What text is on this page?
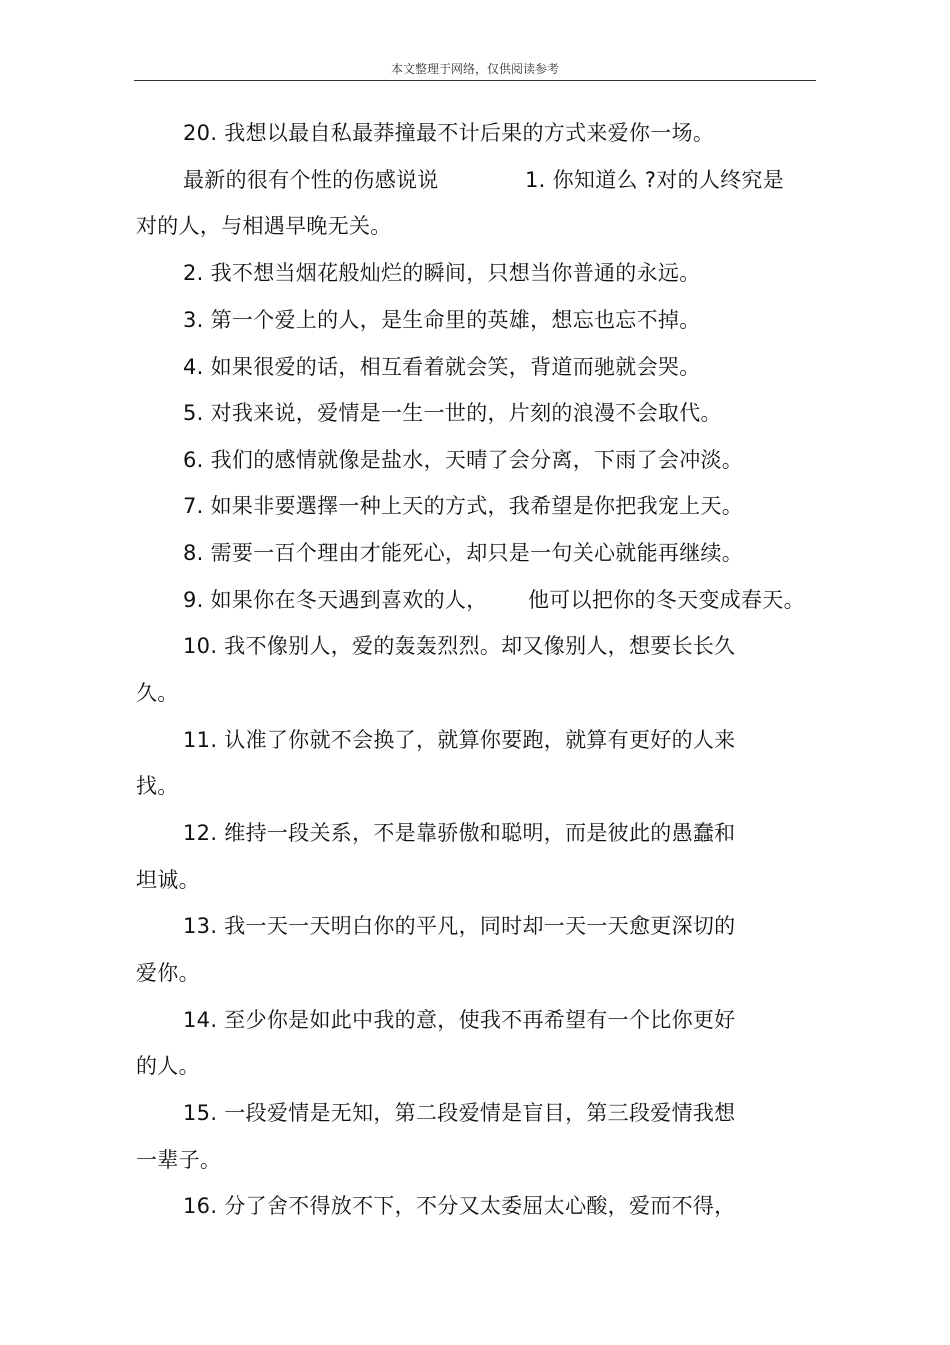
本文整理于网络，仅供阅读参考
20. 我想以最自私最莽撞最不计后果的方式来爱你一场。
最新的很有个性的伤感说说	1. 你知道么 ?对的人终究是
对的人，与相遇早晚无关。
2. 我不想当烟花般灿烂的瞬间，只想当你普通的永远。
3. 第一个爱上的人，是生命里的英雄，想忘也忘不掉。
4. 如果很爱的话，相互看着就会笑，背道而驰就会哭。
5. 对我来说，爱情是一生一世的，片刻的浪漫不会取代。
6. 我们的感情就像是盐水，天晴了会分离，下雨了会冲淡。
7. 如果非要選擇一种上天的方式，我希望是你把我宠上天。
8. 需要一百个理由才能死心，却只是一句关心就能再继续。
9. 如果你在冬天遇到喜欢的人， 他可以把你的冬天变成春天。
10. 我不像别人，爱的轰轰烈烈。却又像别人，想要长长久
久。
11. 认准了你就不会换了，就算你要跑，就算有更好的人来
找。
12. 维持一段关系，不是靠骄傲和聪明，而是彼此的愚蠢和
坦诚。
13. 我一天一天明白你的平凡，同时却一天一天愈更深切的
爱你。
14. 至少你是如此中我的意，使我不再希望有一个比你更好
的人。
15. 一段爱情是无知，第二段爱情是盲目，第三段爱情我想
一辈子。
16. 分了舍不得放不下，不分又太委屈太心酸，爱而不得，
